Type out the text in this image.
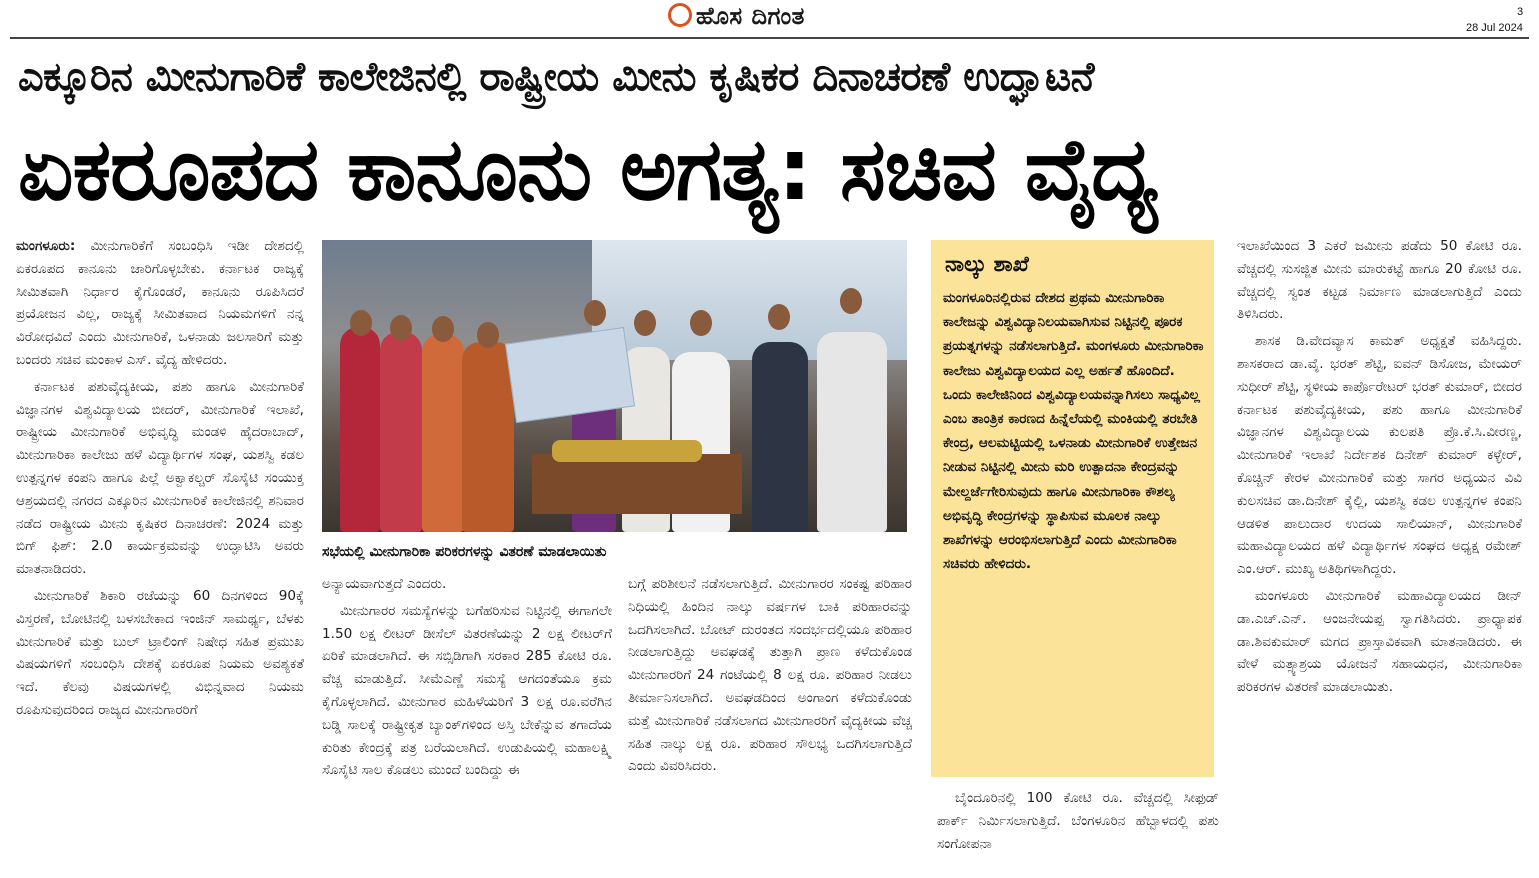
ಹೊಸ ದಿಗಂತ	3
28 Jul 2024
ಎಕ್ಕೂರಿನ ಮೀನುಗಾರಿಕೆ ಕಾಲೇಜಿನಲ್ಲಿ ರಾಷ್ಟ್ರೀಯ ಮೀನು ಕೃಷಿಕರ ದಿನಾಚರಣೆ ಉದ್ಘಾಟನೆ
ಏಕರೂಪದ ಕಾನೂನು ಅಗತ್ಯ: ಸಚಿವ ವೈದ್ಯ

ಮಂಗಳೂರು: ಮೀನುಗಾರಿಕೆಗೆ ಸಂಬಂಧಿಸಿ ಇಡೀ ದೇಶದಲ್ಲಿ ಏಕರೂಪದ ಕಾನೂನು ಜಾರಿಗೊಳ್ಳಬೇಕು. ಕರ್ನಾಟಕ ರಾಜ್ಯಕ್ಕೆ ಸೀಮಿತವಾಗಿ ನಿರ್ಧಾರ ಕೈಗೊಂಡರೆ, ಕಾನೂನು ರೂಪಿಸಿದರೆ ಪ್ರಯೋಜನ ವಿಲ್ಲ, ರಾಜ್ಯಕ್ಕೆ ಸೀಮಿತವಾದ ನಿಯಮಗಳಿಗೆ ನನ್ನ ವಿರೋಧವಿದೆ ಎಂದು ಮೀನುಗಾರಿಕೆ, ಒಳನಾಡು ಜಲಸಾರಿಗೆ ಮತ್ತು ಬಂದರು ಸಚಿವ ಮಂಕಾಳ ಎಸ್. ವೈದ್ಯ ಹೇಳಿದರು.

ಕರ್ನಾಟಕ ಪಶುವೈದ್ಯಕೀಯ, ಪಶು ಹಾಗೂ ಮೀನುಗಾರಿಕೆ ವಿಜ್ಞಾನಗಳ ವಿಶ್ವವಿದ್ಯಾಲಯ ಬೀದರ್, ಮೀನುಗಾರಿಕೆ ಇಲಾಖೆ, ರಾಷ್ಟ್ರೀಯ ಮೀನುಗಾರಿಕೆ ಅಭಿವೃದ್ಧಿ ಮಂಡಳಿ ಹೈದರಾಬಾದ್, ಮೀನುಗಾರಿಕಾ ಕಾಲೇಜು ಹಳೆ ವಿದ್ಯಾರ್ಥಿಗಳ ಸಂಘ, ಯಶಸ್ವಿ ಕಡಲ ಉತ್ಪನ್ನಗಳ ಕಂಪನಿ ಹಾಗೂ ಪಿಲ್ಲೆ ಅಕ್ವಾಕಲ್ಚರ್ ಸೊಸೈಟಿ ಸಂಯುಕ್ತ ಆಶ್ರಯದಲ್ಲಿ ನಗರದ ಎಕ್ಕೂರಿನ ಮೀನುಗಾರಿಕೆ ಕಾಲೇಜಿನಲ್ಲಿ ಶನಿವಾರ ನಡೆದ ರಾಷ್ಟ್ರೀಯ ಮೀನು ಕೃಷಿಕರ ದಿನಾಚರಣೆ: 2024 ಮತ್ತು ಬಿಗ್ ಫಿಶ್: 2.0 ಕಾರ್ಯಕ್ರಮವನ್ನು ಉದ್ಘಾಟಿಸಿ ಅವರು ಮಾತನಾಡಿದರು.

ಮೀನುಗಾರಿಕೆ ಶಿಕಾರಿ ರಜೆಯನ್ನು 60 ದಿನಗಳಿಂದ 90ಕ್ಕೆ ವಿಸ್ತರಣೆ, ಬೋಟಿನಲ್ಲಿ ಬಳಸಬೇಕಾದ ಇಂಜಿನ್ ಸಾಮರ್ಥ್ಯ, ಬೆಳಕು ಮೀನುಗಾರಿಕೆ ಮತ್ತು ಬುಲ್ ಟ್ರಾಲಿಂಗ್ ನಿಷೇಧ ಸಹಿತ ಪ್ರಮುಖ ವಿಷಯಗಳಿಗೆ ಸಂಬಂಧಿಸಿ ದೇಶಕ್ಕೆ ಏಕರೂಪ ನಿಯಮ ಅವಶ್ಯಕತೆ ಇದೆ. ಕೆಲವು ವಿಷಯಗಳಲ್ಲಿ ವಿಭಿನ್ನವಾದ ನಿಯಮ ರೂಪಿಸುವುದರಿಂದ ರಾಜ್ಯದ ಮೀನುಗಾರರಿಗೆ

ಸಭೆಯಲ್ಲಿ ಮೀನುಗಾರಿಕಾ ಪರಿಕರಗಳನ್ನು ವಿತರಣೆ ಮಾಡಲಾಯಿತು

ಅನ್ಯಾಯವಾಗುತ್ತದೆ ಎಂದರು.

ಮೀನುಗಾರರ ಸಮಸ್ಯೆಗಳನ್ನು ಬಗೆಹರಿಸುವ ನಿಟ್ಟಿನಲ್ಲಿ ಈಗಾಗಲೇ 1.50 ಲಕ್ಷ ಲೀಟರ್ ಡೀಸೆಲ್ ವಿತರಣೆಯನ್ನು 2 ಲಕ್ಷ ಲೀಟರ್‌ಗೆ ಏರಿಕೆ ಮಾಡಲಾಗಿದೆ. ಈ ಸಬ್ಸಿಡಿಗಾಗಿ ಸರಕಾರ 285 ಕೋಟಿ ರೂ. ವೆಚ್ಚ ಮಾಡುತ್ತಿದೆ. ಸೀಮೆಎಣ್ಣೆ ಸಮಸ್ಯೆ ಆಗದಂತೆಯೂ ಕ್ರಮ ಕೈಗೊಳ್ಳಲಾಗಿದೆ. ಮೀನುಗಾರ ಮಹಿಳೆಯರಿಗೆ 3 ಲಕ್ಷ ರೂ.ವರೆಗಿನ ಬಡ್ಡಿ ಸಾಲಕ್ಕೆ ರಾಷ್ಟ್ರೀಕೃತ ಬ್ಯಾಂಕ್‌ಗಳಿಂದ ಅಸ್ತಿ ಬೇಕೆನ್ನುವ ತಗಾದೆಯ ಕುರಿತು ಕೇಂದ್ರಕ್ಕೆ ಪತ್ರ ಬರೆಯಲಾಗಿದೆ. ಉಡುಪಿಯಲ್ಲಿ ಮಹಾಲಕ್ಷ್ಮಿ ಸೊಸೈಟಿ ಸಾಲ ಕೊಡಲು ಮುಂದೆ ಬಂದಿದ್ದು ಈ

ಬಗ್ಗೆ ಪರಿಶೀಲನೆ ನಡೆಸಲಾಗುತ್ತಿದೆ. ಮೀನುಗಾರರ ಸಂಕಷ್ಟ ಪರಿಹಾರ ನಿಧಿಯಲ್ಲಿ ಹಿಂದಿನ ನಾಲ್ಕು ವರ್ಷಗಳ ಬಾಕಿ ಪರಿಹಾರವನ್ನು ಒದಗಿಸಲಾಗಿದೆ. ಬೋಟ್ ದುರಂತದ ಸಂದರ್ಭದಲ್ಲಿಯೂ ಪರಿಹಾರ ನೀಡಲಾಗುತ್ತಿದ್ದು ಅವಘಡಕ್ಕೆ ತುತ್ತಾಗಿ ಪ್ರಾಣ ಕಳೆದುಕೊಂಡ ಮೀನುಗಾರರಿಗೆ 24 ಗಂಟೆಯಲ್ಲಿ 8 ಲಕ್ಷ ರೂ. ಪರಿಹಾರ ನೀಡಲು ತೀರ್ಮಾನಿಸಲಾಗಿದೆ. ಅವಘಡದಿಂದ ಅಂಗಾಂಗ ಕಳೆದುಕೊಂಡು ಮತ್ತೆ ಮೀನುಗಾರಿಕೆ ನಡೆಸಲಾಗದ ಮೀನುಗಾರರಿಗೆ ವೈದ್ಯಕೀಯ ವೆಚ್ಚ ಸಹಿತ ನಾಲ್ಕು ಲಕ್ಷ ರೂ. ಪರಿಹಾರ ಸೌಲಭ್ಯ ಒದಗಿಸಲಾಗುತ್ತಿದೆ ಎಂದು ವಿವರಿಸಿದರು.

ನಾಲ್ಕು ಶಾಖೆ
ಮಂಗಳೂರಿನಲ್ಲಿರುವ ದೇಶದ ಪ್ರಥಮ ಮೀನುಗಾರಿಕಾ ಕಾಲೇಜನ್ನು ವಿಶ್ವವಿದ್ಯಾನಿಲಯವಾಗಿಸುವ ನಿಟ್ಟಿನಲ್ಲಿ ಪೂರಕ ಪ್ರಯತ್ನಗಳನ್ನು ನಡೆಸಲಾಗುತ್ತಿದೆ. ಮಂಗಳೂರು ಮೀನುಗಾರಿಕಾ ಕಾಲೇಜು ವಿಶ್ವವಿದ್ಯಾಲಯದ ಎಲ್ಲ ಅರ್ಹತೆ ಹೊಂದಿದೆ. ಒಂದು ಕಾಲೇಜಿನಿಂದ ವಿಶ್ವವಿದ್ಯಾಲಯವನ್ನಾಗಿಸಲು ಸಾಧ್ಯವಿಲ್ಲ ಎಂಬ ತಾಂತ್ರಿಕ ಕಾರಣದ ಹಿನ್ನೆಲೆಯಲ್ಲಿ ಮಂಕಿಯಲ್ಲಿ ತರಬೇತಿ ಕೇಂದ್ರ, ಆಲಮಟ್ಟಿಯಲ್ಲಿ ಒಳನಾಡು ಮೀನುಗಾರಿಕೆ ಉತ್ತೇಜನ ನೀಡುವ ನಿಟ್ಟಿನಲ್ಲಿ ಮೀನು ಮರಿ ಉತ್ಪಾದನಾ ಕೇಂದ್ರವನ್ನು ಮೇಲ್ದರ್ಜೆಗೇರಿಸುವುದು ಹಾಗೂ ಮೀನುಗಾರಿಕಾ ಕೌಶಲ್ಯ ಅಭಿವೃದ್ಧಿ ಕೇಂದ್ರಗಳನ್ನು ಸ್ಥಾಪಿಸುವ ಮೂಲಕ ನಾಲ್ಕು ಶಾಖೆಗಳನ್ನು ಆರಂಭಿಸಲಾಗುತ್ತಿದೆ ಎಂದು ಮೀನುಗಾರಿಕಾ ಸಚಿವರು ಹೇಳಿದರು.

ಬೈಂದೂರಿನಲ್ಲಿ 100 ಕೋಟಿ ರೂ. ವೆಚ್ಚದಲ್ಲಿ ಸೀಫುಡ್ ಪಾರ್ಕ್ ನಿರ್ಮಿಸಲಾಗುತ್ತಿದೆ. ಬೆಂಗಳೂರಿನ ಹೆಬ್ಬಾಳದಲ್ಲಿ ಪಶು ಸಂಗೋಪನಾ

ಇಲಾಖೆಯಿಂದ 3 ಎಕರೆ ಜಮೀನು ಪಡೆದು 50 ಕೋಟಿ ರೂ. ವೆಚ್ಚದಲ್ಲಿ ಸುಸಜ್ಜಿತ ಮೀನು ಮಾರುಕಟ್ಟೆ ಹಾಗೂ 20 ಕೋಟಿ ರೂ. ವೆಚ್ಚದಲ್ಲಿ ಸ್ವಂತ ಕಟ್ಟಡ ನಿರ್ಮಾಣ ಮಾಡಲಾಗುತ್ತಿದೆ ಎಂದು ತಿಳಿಸಿದರು.

ಶಾಸಕ ಡಿ.ವೇದವ್ಯಾಸ ಕಾಮತ್ ಅಧ್ಯಕ್ಷತೆ ವಹಿಸಿದ್ದರು. ಶಾಸಕರಾದ ಡಾ.ವೈ. ಭರತ್ ಶೆಟ್ಟಿ, ಐವನ್ ಡಿಸೋಜ, ಮೇಯರ್ ಸುಧೀರ್ ಶೆಟ್ಟಿ, ಸ್ಥಳೀಯ ಕಾರ್ಪೊರೇಟರ್ ಭರತ್ ಕುಮಾರ್, ಬೀದರ ಕರ್ನಾಟಕ ಪಶುವೈದ್ಯಕೀಯ, ಪಶು ಹಾಗೂ ಮೀನುಗಾರಿಕೆ ವಿಜ್ಞಾನಗಳ ವಿಶ್ವವಿದ್ಯಾಲಯ ಕುಲಪತಿ ಪ್ರೊ.ಕೆ.ಸಿ.ವೀರಣ್ಣ, ಮೀನುಗಾರಿಕೆ ಇಲಾಖೆ ನಿರ್ದೇಶಕ ದಿನೇಶ್ ಕುಮಾರ್ ಕಳ್ಳೇರ್, ಕೊಚ್ಚಿನ್ ಕೇರಳ ಮೀನುಗಾರಿಕೆ ಮತ್ತು ಸಾಗರ ಅಧ್ಯಯನ ವಿವಿ ಕುಲಸಚಿವ ಡಾ.ದಿನೇಶ್ ಕೈಲ್ಲಿ, ಯಶಸ್ವಿ ಕಡಲ ಉತ್ಪನ್ನಗಳ ಕಂಪನಿ ಆಡಳಿತ ಪಾಲುದಾರ ಉದಯ ಸಾಲಿಯಾನ್, ಮೀನುಗಾರಿಕೆ ಮಹಾವಿದ್ಯಾಲಯದ ಹಳೆ ವಿದ್ಯಾರ್ಥಿಗಳ ಸಂಘದ ಅಧ್ಯಕ್ಷ ರಮೇಶ್ ಎಂ.ಆರ್. ಮುಖ್ಯ ಅತಿಥಿಗಳಾಗಿದ್ದರು.

ಮಂಗಳೂರು ಮೀನುಗಾರಿಕೆ ಮಹಾವಿದ್ಯಾಲಯದ ಡೀನ್ ಡಾ.ಎಚ್.ಎನ್. ಆಂಜನೇಯಪ್ಪ ಸ್ವಾಗತಿಸಿದರು. ಪ್ರಾಧ್ಯಾಪಕ ಡಾ.ಶಿವಕುಮಾರ್ ಮಗದ ಪ್ರಾಸ್ತಾವಿಕವಾಗಿ ಮಾತನಾಡಿದರು. ಈ ವೇಳೆ ಮತ್ಸ್ಯಾಶ್ರಯ ಯೋಜನೆ ಸಹಾಯಧನ, ಮೀನುಗಾರಿಕಾ ಪರಿಕರಗಳ ವಿತರಣೆ ಮಾಡಲಾಯಿತು.
